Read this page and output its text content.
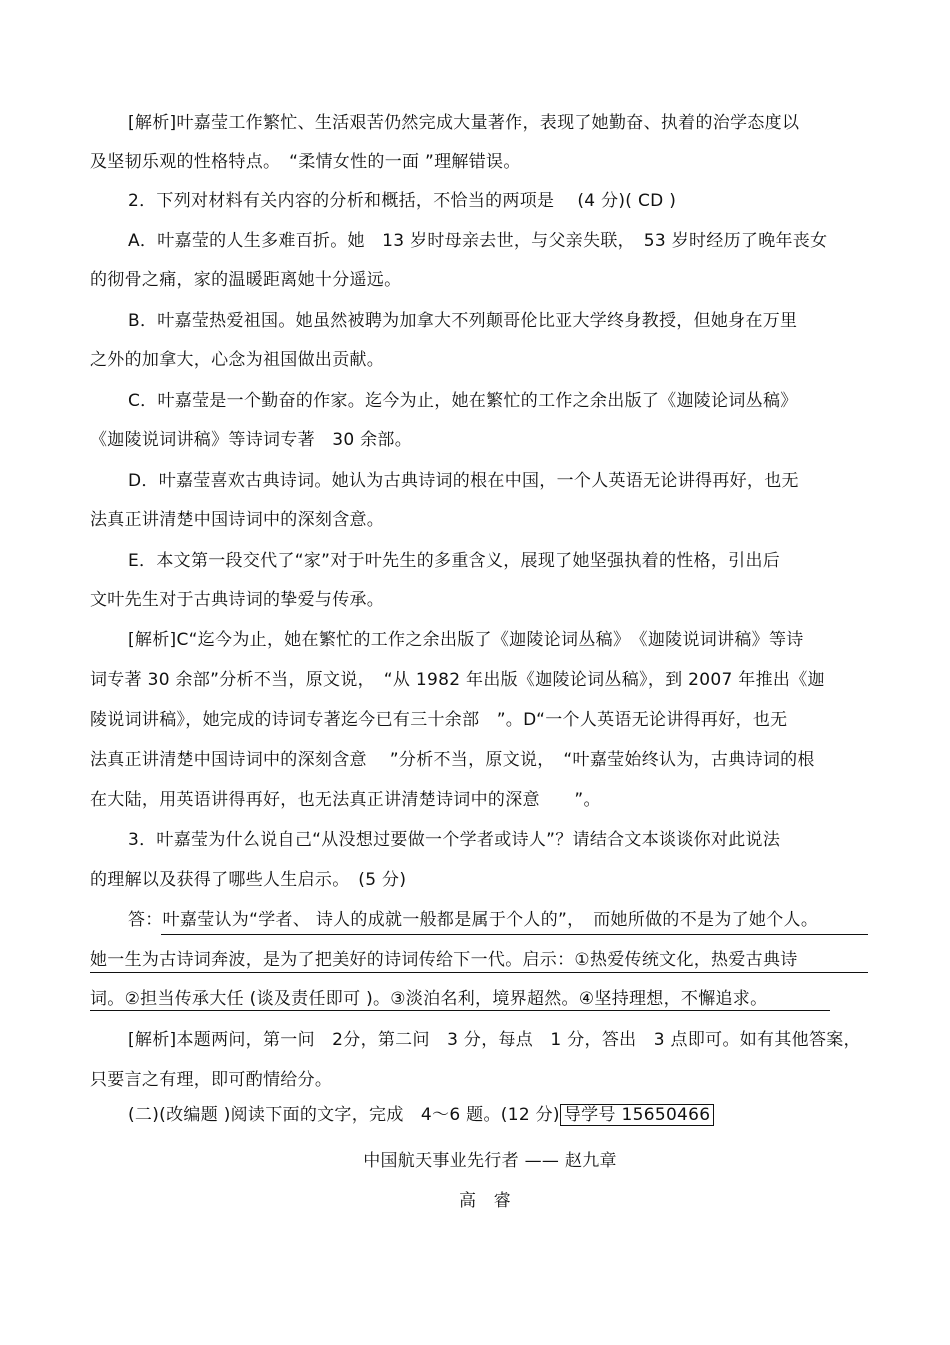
[解析]叶嘉莹工作繁忙、生活艰苦仍然完成大量著作，表现了她勤奋、执着的治学态度以
及坚韧乐观的性格特点。　“柔情女性的一面 ”理解错误。
2．下列对材料有关内容的分析和概括，不恰当的两项是　 (4 分)( CD )
A．叶嘉莹的人生多难百折。她　13 岁时母亲去世，与父亲失联，　53 岁时经历了晚年丧女
的彻骨之痛，家的温暖距离她十分遥远。
B．叶嘉莹热爱祖国。她虽然被聘为加拿大不列颠哥伦比亚大学终身教授，但她身在万里
之外的加拿大，心念为祖国做出贡献。
C．叶嘉莹是一个勤奋的作家。迄今为止，她在繁忙的工作之余出版了《迦陵论词丛稿》
《迦陵说词讲稿》等诗词专著　30 余部。
D．叶嘉莹喜欢古典诗词。她认为古典诗词的根在中国，一个人英语无论讲得再好，也无
法真正讲清楚中国诗词中的深刻含意。
E．本文第一段交代了“家”对于叶先生的多重含义，展现了她坚强执着的性格，引出后
文叶先生对于古典诗词的挚爱与传承。
[解析]C“迄今为止，她在繁忙的工作之余出版了《迦陵论词丛稿》　《迦陵说词讲稿》等诗
词专著 30 余部”分析不当，原文说，　“从 1982 年出版《迦陵论词丛稿》，到 2007 年推出《迦
陵说词讲稿》，她完成的诗词专著迄今已有三十余部　”。D“一个人英语无论讲得再好，也无
法真正讲清楚中国诗词中的深刻含意　 ”分析不当，原文说，　“叶嘉莹始终认为，古典诗词的根
在大陆，用英语讲得再好，也无法真正讲清楚诗词中的深意　　”。
3．叶嘉莹为什么说自己“从没想过要做一个学者或诗人”？请结合文本谈谈你对此说法
的理解以及获得了哪些人生启示。　(5 分)
答：叶嘉莹认为“学者、 诗人的成就一般都是属于个人的”，　而她所做的不是为了她个人。
她一生为古诗词奔波，是为了把美好的诗词传给下一代。启示：①热爱传统文化，热爱古典诗
词。②担当传承大任 (谈及责任即可 )。③淡泊名利，境界超然。④坚持理想，不懈追求。
[解析]本题两问，第一问　2分，第二问　3 分，每点　1 分，答出　3 点即可。如有其他答案，
只要言之有理，即可酌情给分。
(二)(改编题 )阅读下面的文字，完成　4～6 题。(12 分) 导学号 15650466
中国航天事业先行者 —— 赵九章
高　睿
